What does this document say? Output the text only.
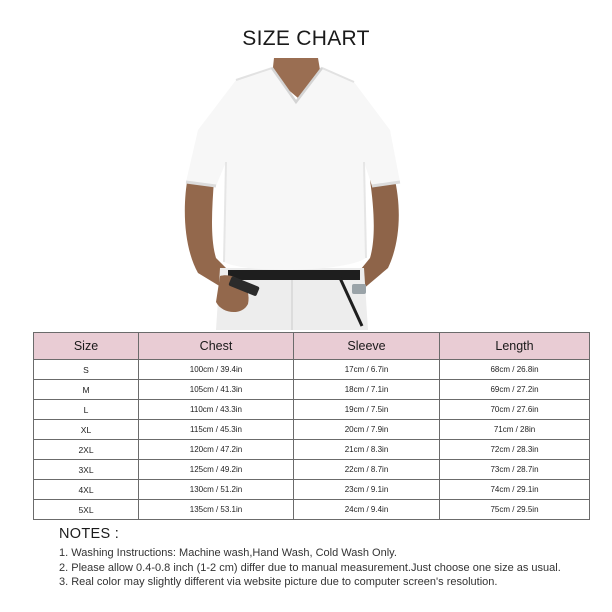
SIZE CHART
Size	Chest	Sleeve	Length
S	100cm / 39.4in	17cm / 6.7in	68cm / 26.8in
M	105cm / 41.3in	18cm / 7.1in	69cm / 27.2in
L	110cm / 43.3in	19cm / 7.5in	70cm / 27.6in
XL	115cm / 45.3in	20cm / 7.9in	71cm / 28in
2XL	120cm / 47.2in	21cm / 8.3in	72cm / 28.3in
3XL	125cm / 49.2in	22cm / 8.7in	73cm / 28.7in
4XL	130cm / 51.2in	23cm / 9.1in	74cm / 29.1in
5XL	135cm / 53.1in	24cm / 9.4in	75cm / 29.5in
NOTES :
1. Washing Instructions: Machine wash,Hand Wash, Cold Wash Only.
2. Please allow 0.4-0.8 inch (1-2 cm) differ due to manual measurement.Just choose one size as usual.
3. Real color may slightly different via website picture due to computer screen's resolution.
